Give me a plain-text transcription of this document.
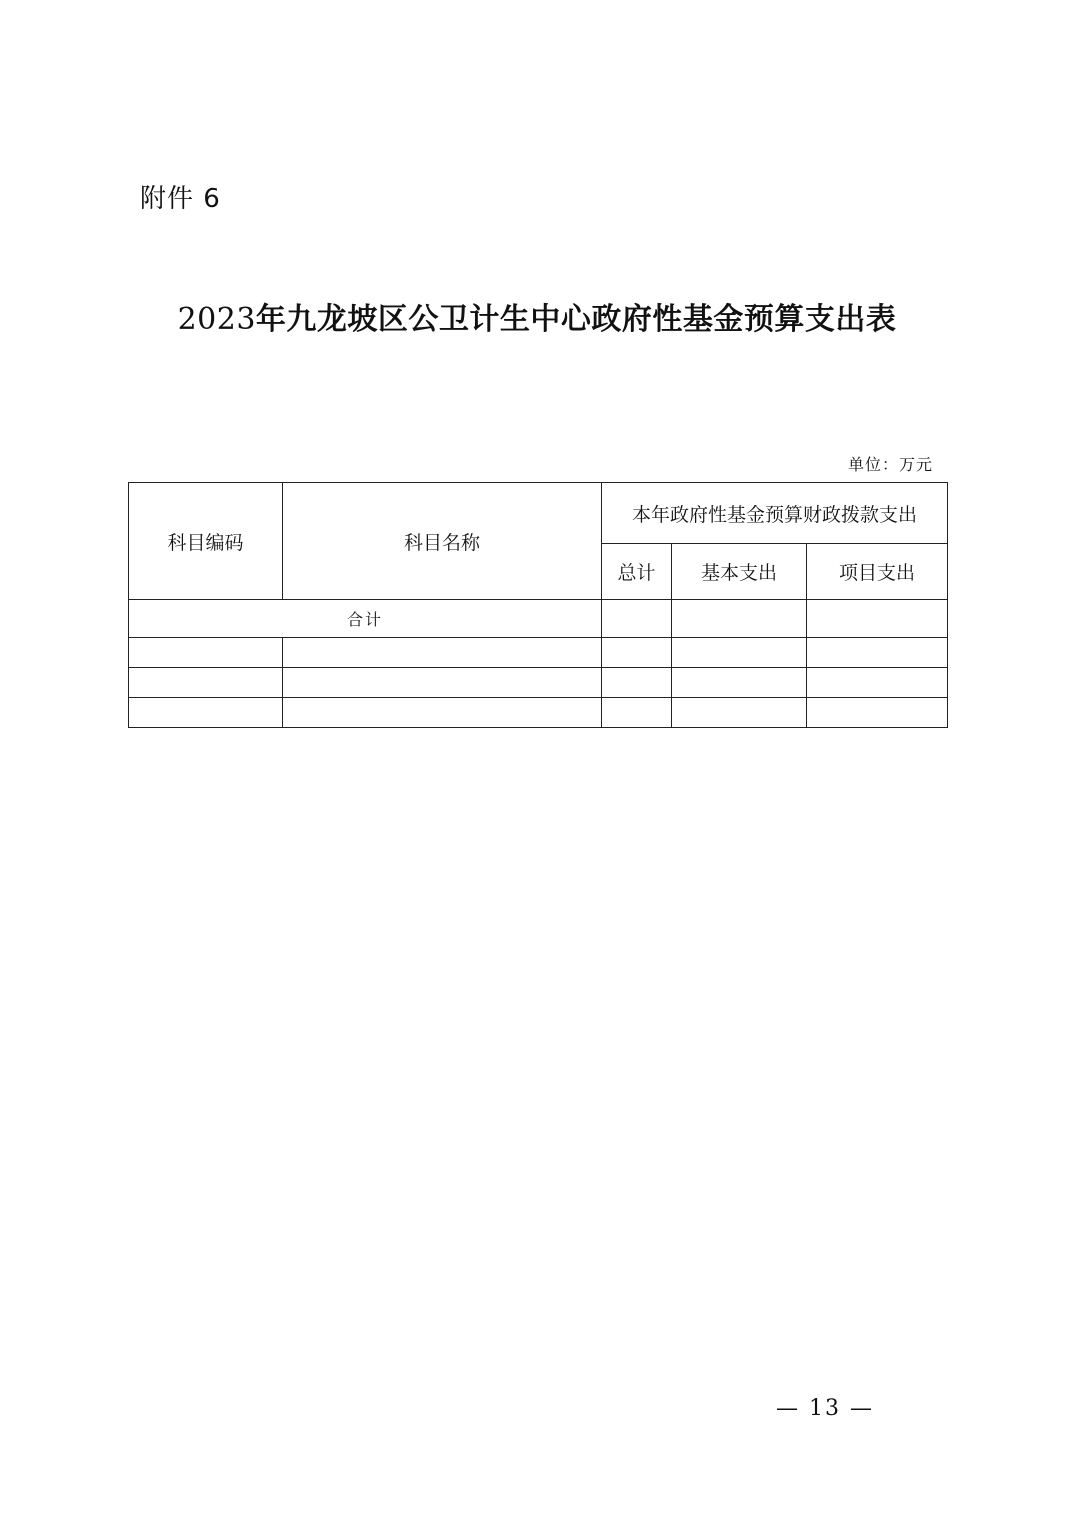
附件 6
2023年九龙坡区公卫计生中心政府性基金预算支出表
单位：万元
科目编码	科目名称	本年政府性基金预算财政拨款支出		
		总计	基本支出	项目支出
合计				

— 13 —
